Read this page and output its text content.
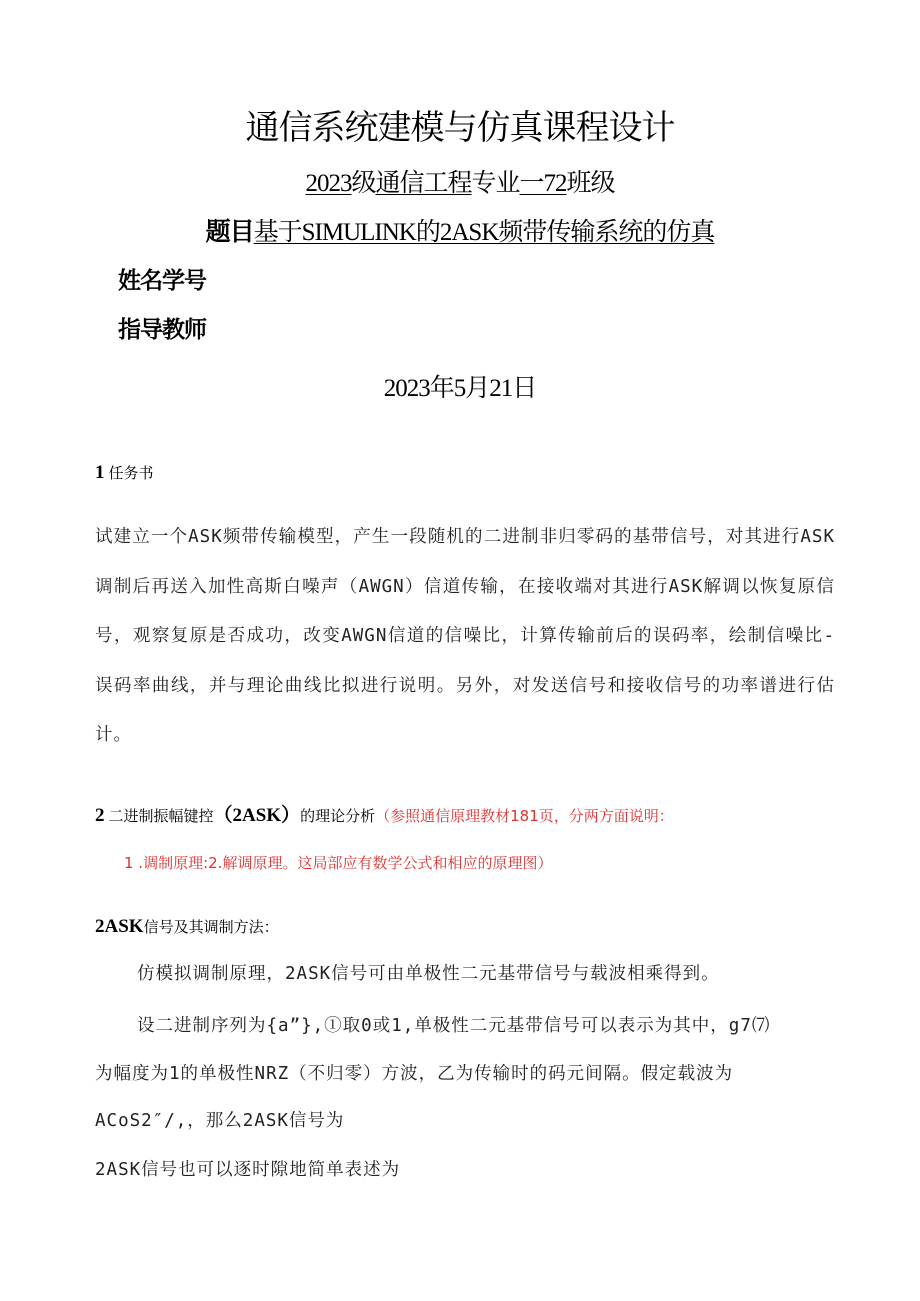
通信系统建模与仿真课程设计
2023级通信工程专业一72班级
题目基于SIMULINK的2ASK频带传输系统的仿真
姓名学号
指导教师
2023年5月21日
1 任务书
试建立一个ASK频带传输模型，产生一段随机的二进制非归零码的基带信号，对其进行ASK调制后再送入加性高斯白噪声（AWGN）信道传输，在接收端对其进行ASK解调以恢复原信号，观察复原是否成功，改变AWGN信道的信噪比，计算传输前后的误码率，绘制信噪比-误码率曲线，并与理论曲线比拟进行说明。另外，对发送信号和接收信号的功率谱进行估计。
2 二进制振幅键控（2ASK）的理论分析（参照通信原理教材181页，分两方面说明：
1 .调制原理:2.解调原理。这局部应有数学公式和相应的原理图）
2ASK信号及其调制方法：
仿模拟调制原理，2ASK信号可由单极性二元基带信号与载波相乘得到。
设二进制序列为{a”},①取0或1,单极性二元基带信号可以表示为其中，g7⑺
为幅度为1的单极性NRZ（不归零）方波，乙为传输时的码元间隔。假定载波为
ACoS2″/,，那么2ASK信号为
2ASK信号也可以逐时隙地简单表述为
